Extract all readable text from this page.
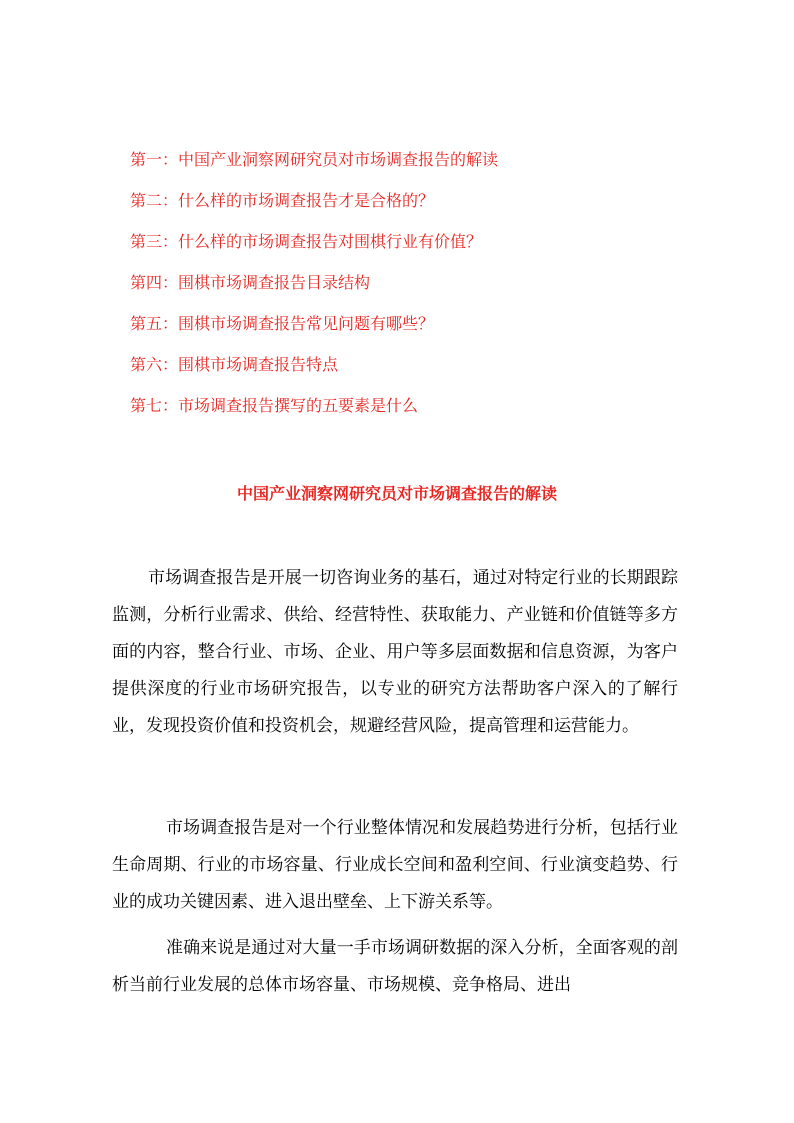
第一：中国产业洞察网研究员对市场调查报告的解读
第二：什么样的市场调查报告才是合格的？
第三：什么样的市场调查报告对围棋行业有价值？
第四：围棋市场调查报告目录结构
第五：围棋市场调查报告常见问题有哪些？
第六：围棋市场调查报告特点
第七：市场调查报告撰写的五要素是什么
中国产业洞察网研究员对市场调查报告的解读

市场调查报告是开展一切咨询业务的基石，通过对特定行业的长期跟踪监测，分析行业需求、供给、经营特性、获取能力、产业链和价值链等多方面的内容，整合行业、市场、企业、用户等多层面数据和信息资源，为客户提供深度的行业市场研究报告，以专业的研究方法帮助客户深入的了解行业，发现投资价值和投资机会，规避经营风险，提高管理和运营能力。

市场调查报告是对一个行业整体情况和发展趋势进行分析，包括行业生命周期、行业的市场容量、行业成长空间和盈利空间、行业演变趋势、行业的成功关键因素、进入退出壁垒、上下游关系等。

准确来说是通过对大量一手市场调研数据的深入分析，全面客观的剖析当前行业发展的总体市场容量、市场规模、竞争格局、进出
